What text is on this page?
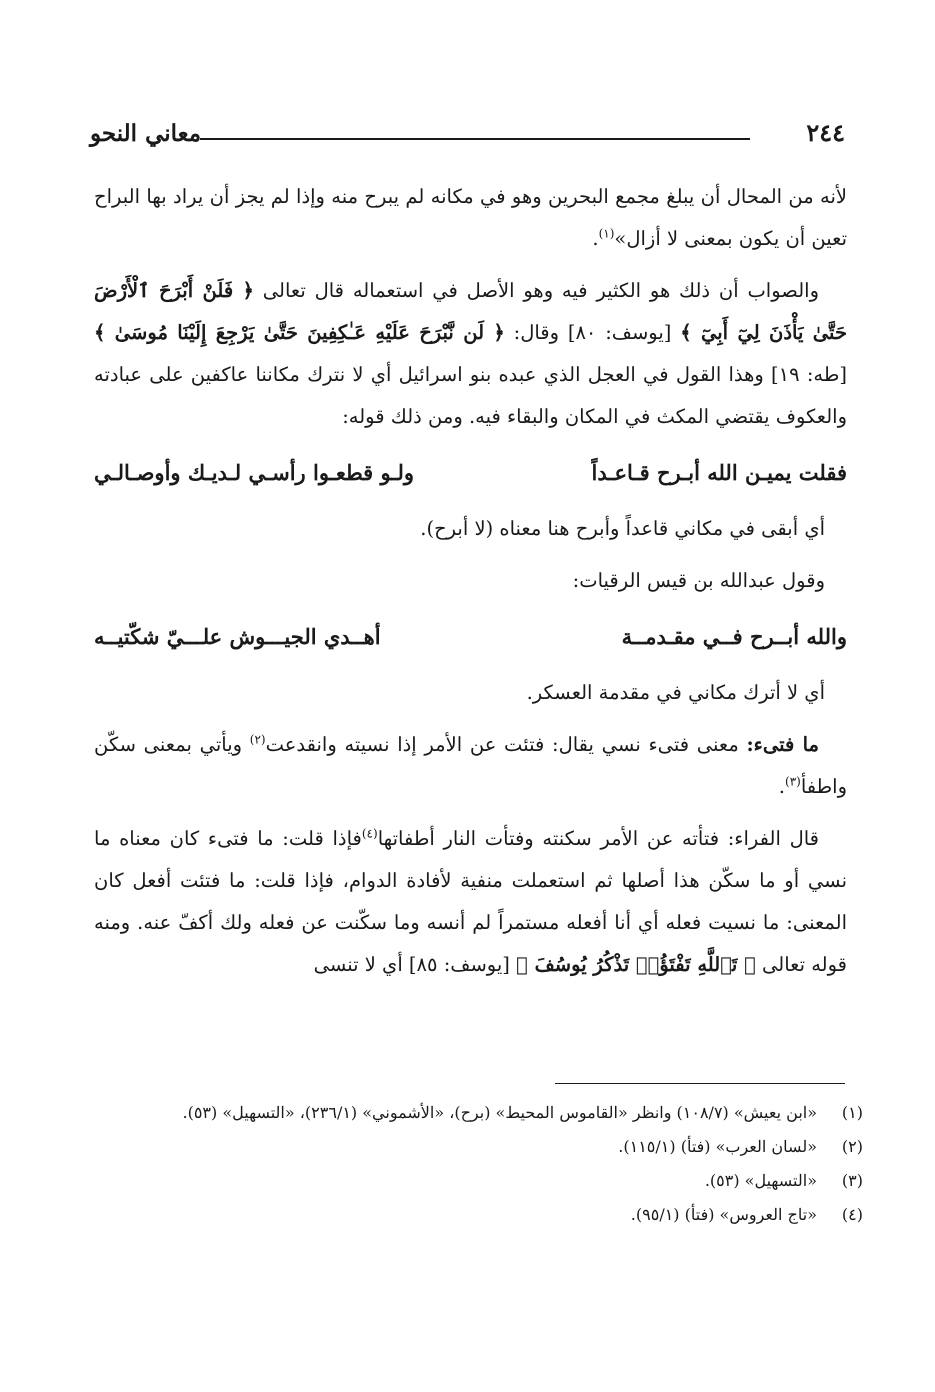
٢٤٤
معاني النحو

لأنه من المحال أن يبلغ مجمع البحرين وهو في مكانه لم يبرح منه وإذا لم يجز أن يراد بها البراح تعين أن يكون بمعنى لا أزال»$^{(١)}$.

والصواب أن ذلك هو الكثير فيه وهو الأصل في استعماله قال تعالى ﴿ فَلَنْ أَبْرَحَ ٱلْأَرْضَ حَتَّىٰ يَأْذَنَ لِيٓ أَبِيٓ ﴾ [يوسف: ٨٠] وقال: ﴿ لَن نَّبْرَحَ عَلَيْهِ عَـٰكِفِينَ حَتَّىٰ يَرْجِعَ إِلَيْنَا مُوسَىٰ ﴾ [طه: ١٩] وهذا القول في العجل الذي عبده بنو اسرائيل أي لا نترك مكاننا عاكفين على عبادته والعكوف يقتضي المكث في المكان والبقاء فيه. ومن ذلك قوله:

فقلت يميـن الله أبـرح قـاعـداً
ولـو قطعـوا رأسـي لـديـك وأوصـالـي

أي أبقى في مكاني قاعداً وأبرح هنا معناه (لا أبرح).

وقول عبدالله بن قيس الرقيات:

والله أبــرح فــي مقـدمــة
أهــدي الجيـــوش علـــيّ شكّتيــه

أي لا أترك مكاني في مقدمة العسكر.

ما فتىء: معنى فتىء نسي يقال: فتئت عن الأمر إذا نسيته وانقدعت$^{(٢)}$ ويأتي بمعنى سكّن واطفأ$^{(٣)}$.

قال الفراء: فتأته عن الأمر سكنته وفتأت النار أطفاتها$^{(٤)}$فإذا قلت: ما فتىء كان معناه ما نسي أو ما سكّن هذا أصلها ثم استعملت منفية لأفادة الدوام، فإذا قلت: ما فتئت أفعل كان المعنى: ما نسيت فعله أي أنا أفعله مستمراً لم أنسه وما سكّنت عن فعله ولك أكفّ عنه. ومنه قوله تعالى ﴿ تَٱللَّهِ تَفْتَؤُا۟ تَذْكُرُ يُوسُفَ ﴾ [يوسف: ٨٥] أي لا تنسى

(١)
«ابن يعيش» (١٠٨/٧) وانظر «القاموس المحيط» (برح)، «الأشموني» (٢٣٦/١)، «التسهيل» (٥٣).
(٢)
«لسان العرب» (فتأ) (١١٥/١).
(٣)
«التسهيل» (٥٣).
(٤)
«تاج العروس» (فتأ) (٩٥/١).
